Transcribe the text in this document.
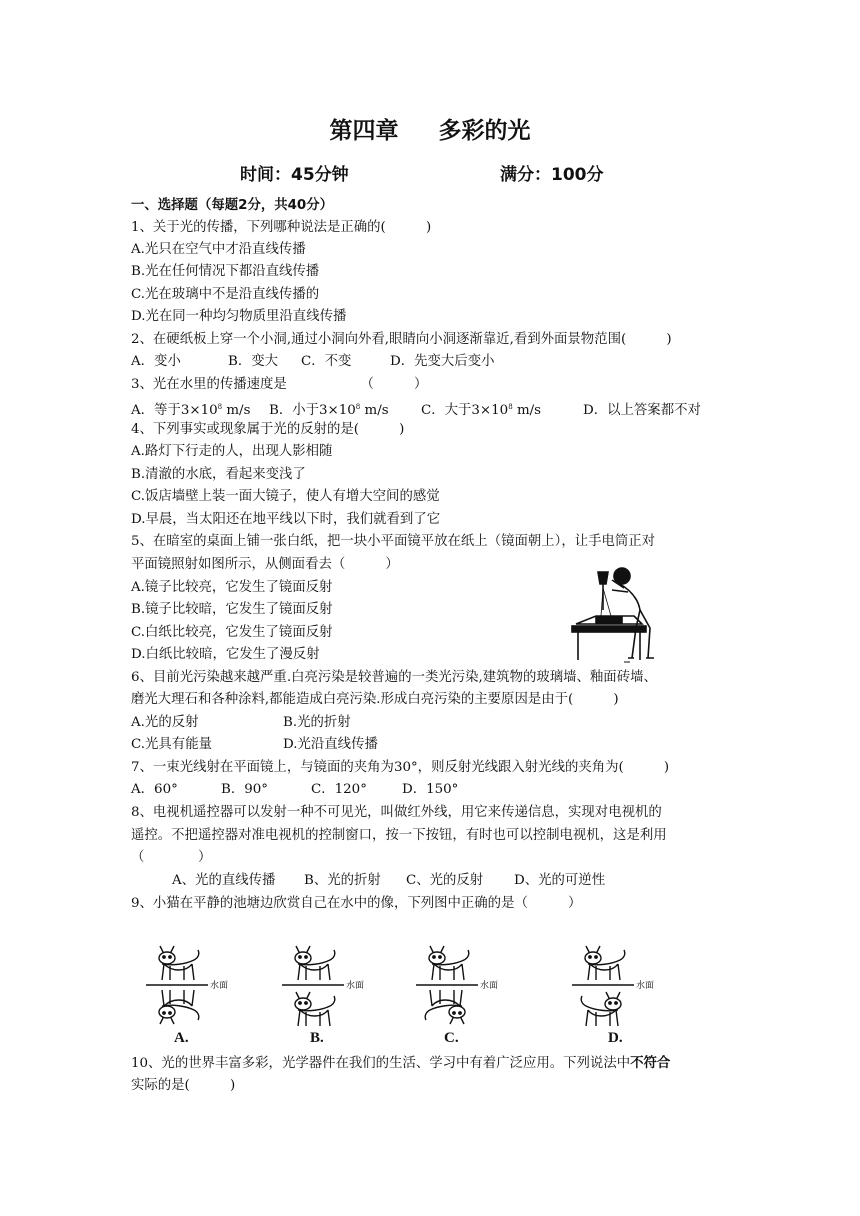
第四章 多彩的光
时间：45分钟	满分：100分
一、选择题（每题2分，共40分）
1、关于光的传播，下列哪种说法是正确的(　　　)
A.光只在空气中才沿直线传播
B.光在任何情况下都沿直线传播
C.光在玻璃中不是沿直线传播的
D.光在同一种均匀物质里沿直线传播
2、在硬纸板上穿一个小洞,通过小洞向外看,眼睛向小洞逐渐靠近,看到外面景物范围(　　　)
A．变小	B．变大 C．不变	D．先变大后变小
3、光在水里的传播速度是　　　　　　（　　　）
A．等于$3\times 10^8$ m/s B．小于$3\times 10^8$ m/s C．大于$3\times 10^8$ m/s	D．以上答案都不对
4、下列事实或现象属于光的反射的是(　　　)
A.路灯下行走的人，出现人影相随
B.清澈的水底，看起来变浅了
C.饭店墙壁上装一面大镜子，使人有增大空间的感觉
D.早晨，当太阳还在地平线以下时，我们就看到了它
5、在暗室的桌面上铺一张白纸，把一块小平面镜平放在纸上（镜面朝上），让手电筒正对
平面镜照射如图所示，从侧面看去（　　　）
A.镜子比较亮，它发生了镜面反射
B.镜子比较暗，它发生了镜面反射
C.白纸比较亮，它发生了镜面反射
D.白纸比较暗，它发生了漫反射
6、目前光污染越来越严重.白亮污染是较普遍的一类光污染,建筑物的玻璃墙、釉面砖墙、
磨光大理石和各种涂料,都能造成白亮污染.形成白亮污染的主要原因是由于(　　　)
A.光的反射	B.光的折射
C.光具有能量	D.光沿直线传播
7、一束光线射在平面镜上，与镜面的夹角为30°，则反射光线跟入射光线的夹角为(　　　)
A．60°	B．90°	C．120°	D．150°
8、电视机遥控器可以发射一种不可见光，叫做红外线，用它来传递信息，实现对电视机的
遥控。不把遥控器对准电视机的控制窗口，按一下按钮，有时也可以控制电视机，这是利用
（　　　　）
A、光的直线传播 B、光的折射 C、光的反射 D、光的可逆性
9、小猫在平静的池塘边欣赏自己在水中的像，下列图中正确的是（　　　）
水面	水面	水面	水面
A.	B.	C.	D.
10、光的世界丰富多彩，光学器件在我们的生活、学习中有着广泛应用。下列说法中不符合
实际的是(　　　)
